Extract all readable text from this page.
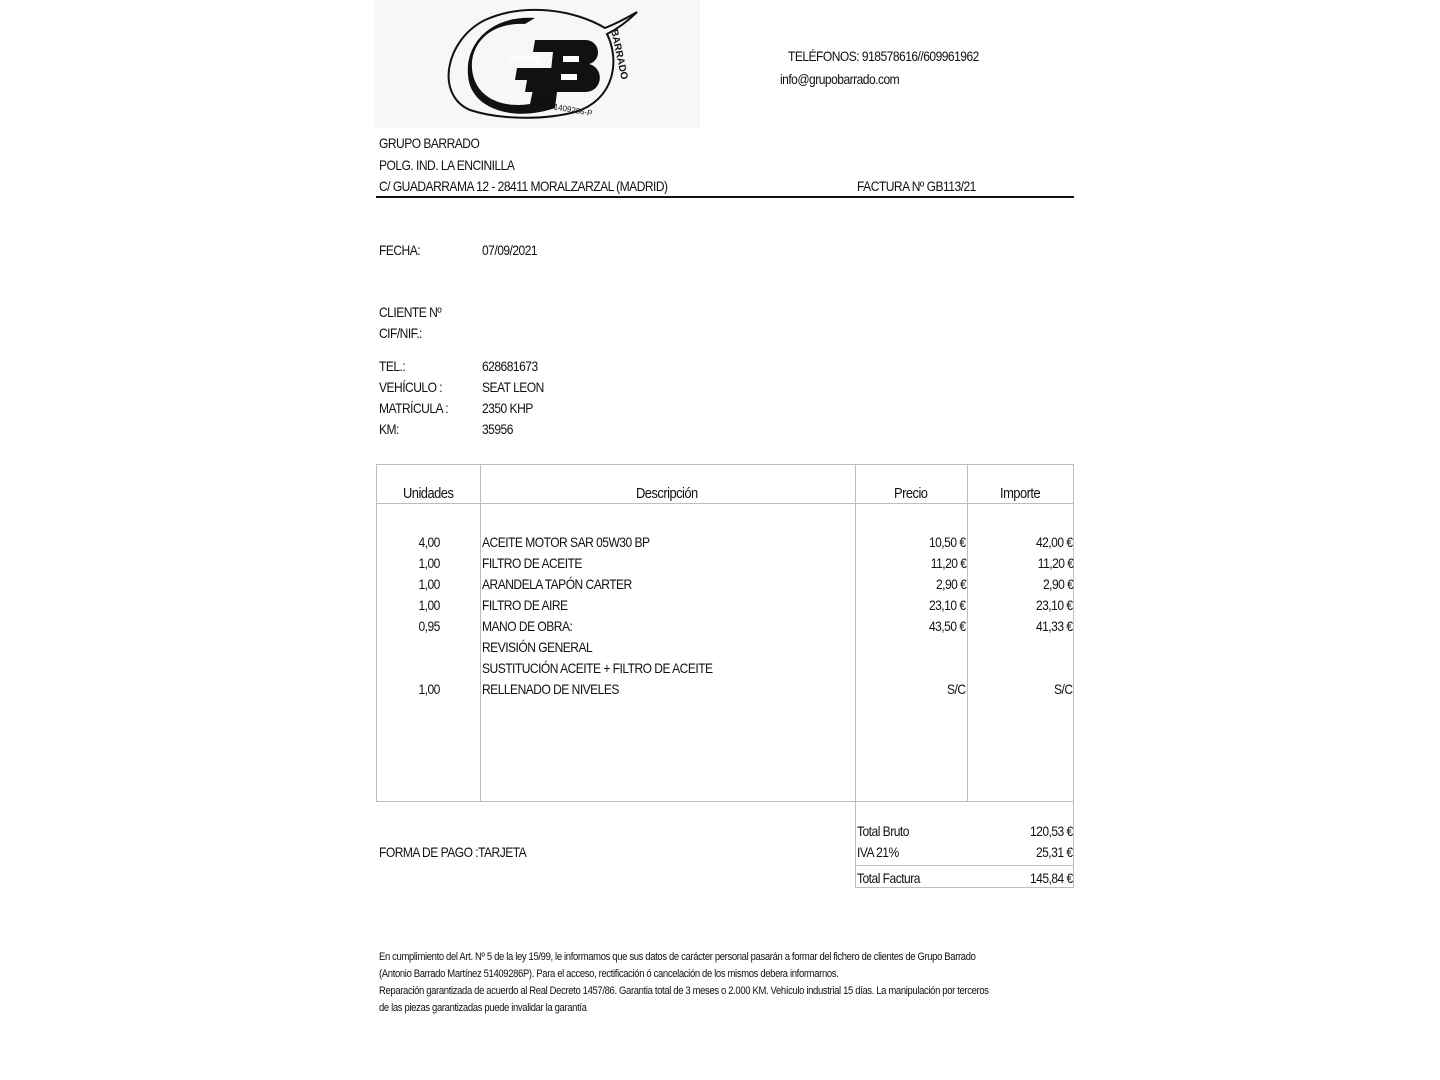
GRUPO	BARRADO
NIF.51409286-P
TELÉFONOS: 918578616//609961962
info@grupobarrado.com
GRUPO BARRADO
POLG. IND. LA ENCINILLA
C/ GUADARRAMA 12 - 28411 MORALZARZAL (MADRID)	FACTURA Nº GB113/21
FECHA:	07/09/2021
CLIENTE Nº
CIF/NIF.:
TEL.:	628681673
VEHÍCULO :	SEAT LEON
MATRÍCULA : 2350 KHP
KM:	35956
Unidades	Descripción	Precio	Importe
4,00	ACEITE MOTOR SAR 05W30 BP	10,50 €	42,00 €
1,00	FILTRO DE ACEITE	11,20 €	11,20 €
1,00	ARANDELA TAPÓN CARTER	2,90 €	2,90 €
1,00	FILTRO DE AIRE	23,10 €	23,10 €
0,95	MANO DE OBRA:	43,50 €	41,33 €
REVISIÓN GENERAL
SUSTITUCIÓN ACEITE + FILTRO DE ACEITE
1,00	RELLENADO DE NIVELES	S/C	S/C
Total Bruto	120,53 €
IVA 21%	25,31 €
Total Factura	145,84 €
FORMA DE PAGO :TARJETA
En cumplimiento del Art. Nº 5 de la ley 15/99, le informamos que sus datos de carácter personal pasarán a formar del fichero de clientes de Grupo Barrado
(Antonio Barrado Martínez 51409286P). Para el acceso, rectificación ó cancelación de los mismos debera informarnos.
Reparación garantizada de acuerdo al Real Decreto 1457/86. Garantia total de 3 meses o 2.000 KM. Vehículo industrial 15 días. La manipulación por terceros
de las piezas garantizadas puede invalidar la garantía
